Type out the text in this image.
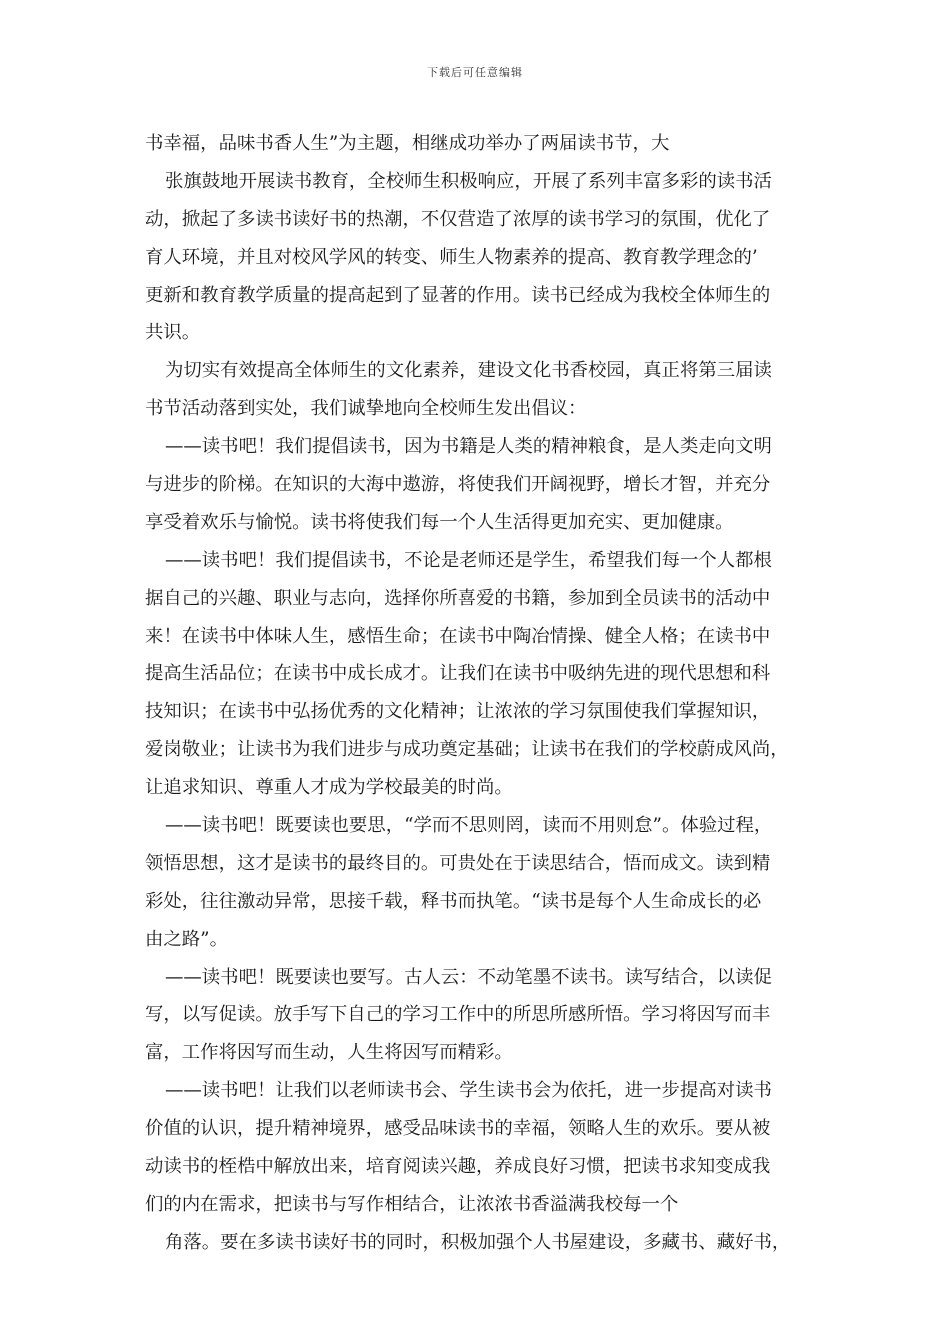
下载后可任意编辑
书幸福，品味书香人生”为主题，相继成功举办了两届读书节，大
张旗鼓地开展读书教育，全校师生积极响应，开展了系列丰富多彩的读书活
动，掀起了多读书读好书的热潮，不仅营造了浓厚的读书学习的氛围，优化了
育人环境，并且对校风学风的转变、师生人物素养的提高、教育教学理念的’
更新和教育教学质量的提高起到了显著的作用。读书已经成为我校全体师生的
共识。
为切实有效提高全体师生的文化素养，建设文化书香校园，真正将第三届读
书节活动落到实处，我们诚挚地向全校师生发出倡议：
——读书吧！我们提倡读书，因为书籍是人类的精神粮食，是人类走向文明
与进步的阶梯。在知识的大海中遨游，将使我们开阔视野，增长才智，并充分
享受着欢乐与愉悦。读书将使我们每一个人生活得更加充实、更加健康。
——读书吧！我们提倡读书，不论是老师还是学生，希望我们每一个人都根
据自己的兴趣、职业与志向，选择你所喜爱的书籍，参加到全员读书的活动中
来！在读书中体味人生，感悟生命；在读书中陶冶情操、健全人格；在读书中
提高生活品位；在读书中成长成才。让我们在读书中吸纳先进的现代思想和科
技知识；在读书中弘扬优秀的文化精神；让浓浓的学习氛围使我们掌握知识，
爱岗敬业；让读书为我们进步与成功奠定基础；让读书在我们的学校蔚成风尚，
让追求知识、尊重人才成为学校最美的时尚。
——读书吧！既要读也要思，“学而不思则罔，读而不用则怠”。体验过程，
领悟思想，这才是读书的最终目的。可贵处在于读思结合，悟而成文。读到精
彩处，往往激动异常，思接千载，释书而执笔。“读书是每个人生命成长的必
由之路”。
——读书吧！既要读也要写。古人云：不动笔墨不读书。读写结合，以读促
写，以写促读。放手写下自己的学习工作中的所思所感所悟。学习将因写而丰
富，工作将因写而生动，人生将因写而精彩。
——读书吧！让我们以老师读书会、学生读书会为依托，进一步提高对读书
价值的认识，提升精神境界，感受品味读书的幸福，领略人生的欢乐。要从被
动读书的桎梏中解放出来，培育阅读兴趣，养成良好习惯，把读书求知变成我
们的内在需求，把读书与写作相结合，让浓浓书香溢满我校每一个
角落。要在多读书读好书的同时，积极加强个人书屋建设，多藏书、藏好书，
